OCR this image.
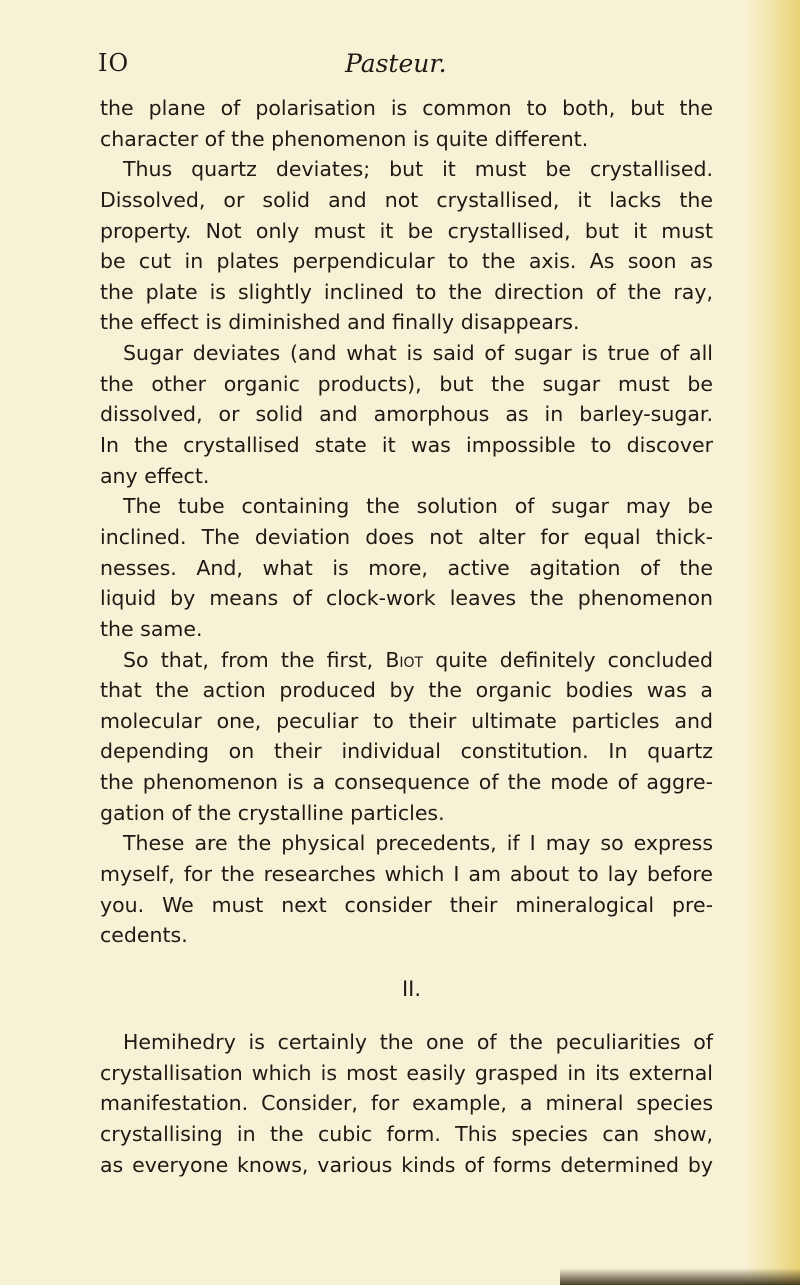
IO	Pasteur.
the plane of polarisation is common to both, but the
character of the phenomenon is quite different.
Thus quartz deviates; but it must be crystallised.
Dissolved, or solid and not crystallised, it lacks the
property. Not only must it be crystallised, but it must
be cut in plates perpendicular to the axis. As soon as
the plate is slightly inclined to the direction of the ray,
the effect is diminished and finally disappears.
Sugar deviates (and what is said of sugar is true of all
the other organic products), but the sugar must be
dissolved, or solid and amorphous as in barley-sugar.
In the crystallised state it was impossible to discover
any effect.
The tube containing the solution of sugar may be
inclined. The deviation does not alter for equal thick-
nesses. And, what is more, active agitation of the
liquid by means of clock-work leaves the phenomenon
the same.
So that, from the first, Biot quite definitely concluded
that the action produced by the organic bodies was a
molecular one, peculiar to their ultimate particles and
depending on their individual constitution. In quartz
the phenomenon is a consequence of the mode of aggre-
gation of the crystalline particles.
These are the physical precedents, if I may so express
myself, for the researches which I am about to lay before
you. We must next consider their mineralogical pre-
cedents.
II.
Hemihedry is certainly the one of the peculiarities of
crystallisation which is most easily grasped in its external
manifestation. Consider, for example, a mineral species
crystallising in the cubic form. This species can show,
as everyone knows, various kinds of forms determined by
